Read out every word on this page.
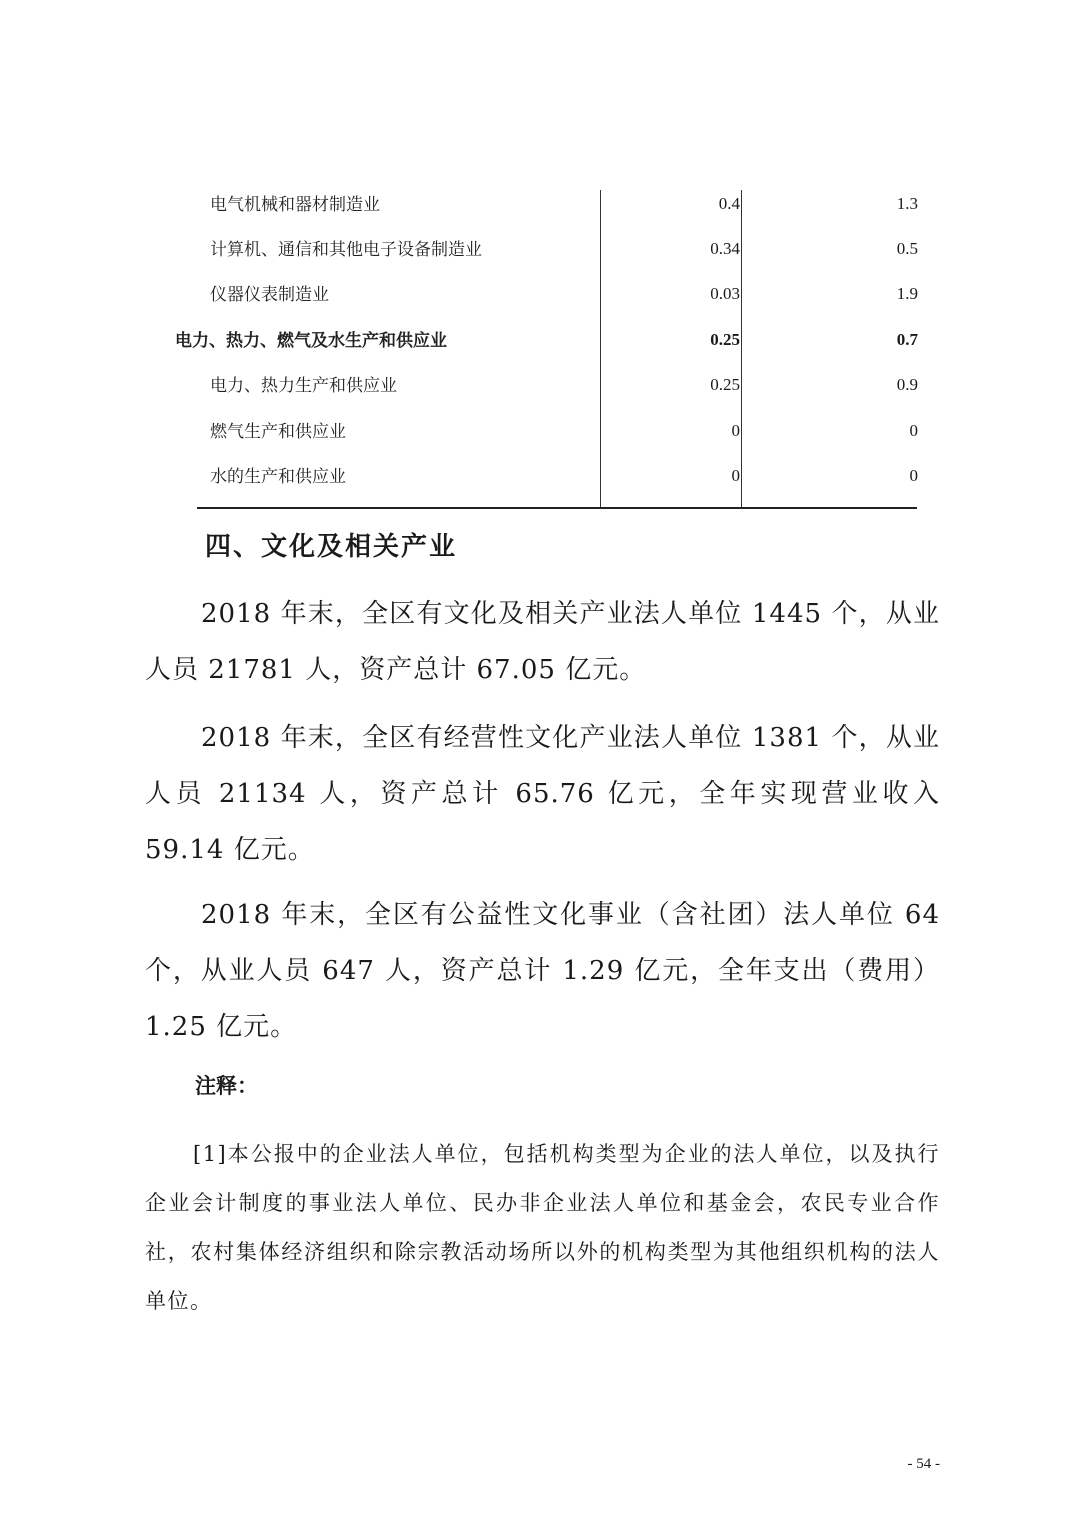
电气机械和器材制造业	0.4	1.3
计算机、通信和其他电子设备制造业	0.34	0.5
仪器仪表制造业	0.03	1.9
电力、热力、燃气及水生产和供应业	0.25	0.7
电力、热力生产和供应业	0.25	0.9
燃气生产和供应业	0	0
水的生产和供应业	0	0
四、文化及相关产业

2018 年末，全区有文化及相关产业法人单位 1445 个，从业人员 21781 人，资产总计 67.05 亿元。

2018 年末，全区有经营性文化产业法人单位 1381 个，从业人员 21134 人，资产总计 65.76 亿元，全年实现营业收入 59.14 亿元。

2018 年末，全区有公益性文化事业（含社团）法人单位 64 个，从业人员 647 人，资产总计 1.29 亿元，全年支出（费用）1.25 亿元。

注释：

[1]本公报中的企业法人单位，包括机构类型为企业的法人单位，以及执行企业会计制度的事业法人单位、民办非企业法人单位和基金会，农民专业合作社，农村集体经济组织和除宗教活动场所以外的机构类型为其他组织机构的法人单位。

- 54 -
